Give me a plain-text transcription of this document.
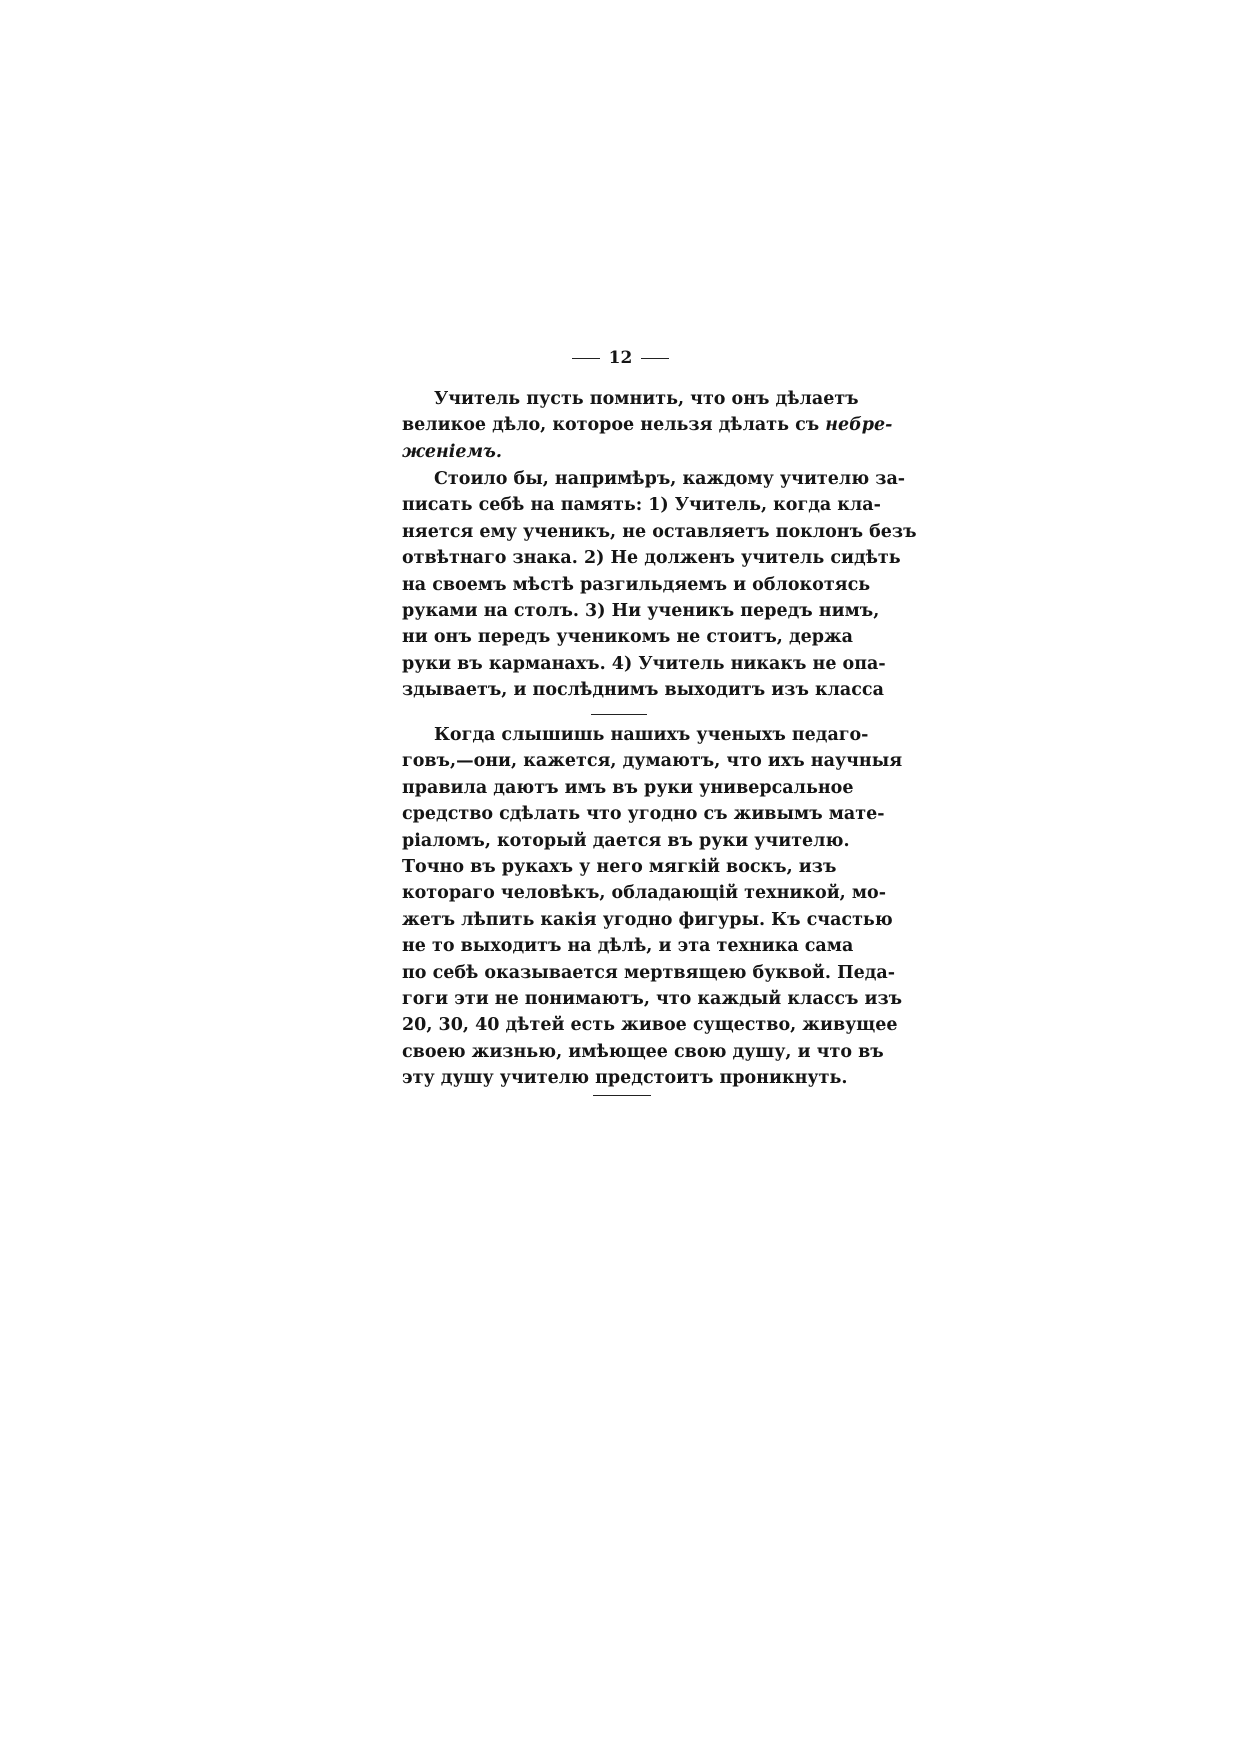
12

Учитель пусть помнить, что онъ дѣлаетъ
великое дѣло, которое нельзя дѣлать съ небре-
женіемъ.

Стоило бы, напримѣръ, каждому учителю за-
писать себѣ на память: 1) Учитель, когда кла-
няется ему ученикъ, не оставляетъ поклонъ безъ
отвѣтнаго знака. 2) Не долженъ учитель сидѣть
на своемъ мѣстѣ разгильдяемъ и облокотясь
руками на столъ. 3) Ни ученикъ передъ нимъ,
ни онъ передъ ученикомъ не стоитъ, держа
руки въ карманахъ. 4) Учитель никакъ не опа-
здываетъ, и послѣднимъ выходитъ изъ класса

Когда слышишь нашихъ ученыхъ педаго-
говъ,—они, кажется, думаютъ, что ихъ научныя
правила даютъ имъ въ руки универсальное
средство сдѣлать что угодно съ живымъ мате-
ріаломъ, который дается въ руки учителю.
Точно въ рукахъ у него мягкій воскъ, изъ
котораго человѣкъ, обладающій техникой, мо-
жетъ лѣпить какія угодно фигуры. Къ счастью
не то выходитъ на дѣлѣ, и эта техника сама
по себѣ оказывается мертвящею буквой. Педа-
гоги эти не понимаютъ, что каждый классъ изъ
20, 30, 40 дѣтей есть живое существо, живущее
своею жизнью, имѣющее свою душу, и что въ
эту душу учителю предстоитъ проникнуть.
